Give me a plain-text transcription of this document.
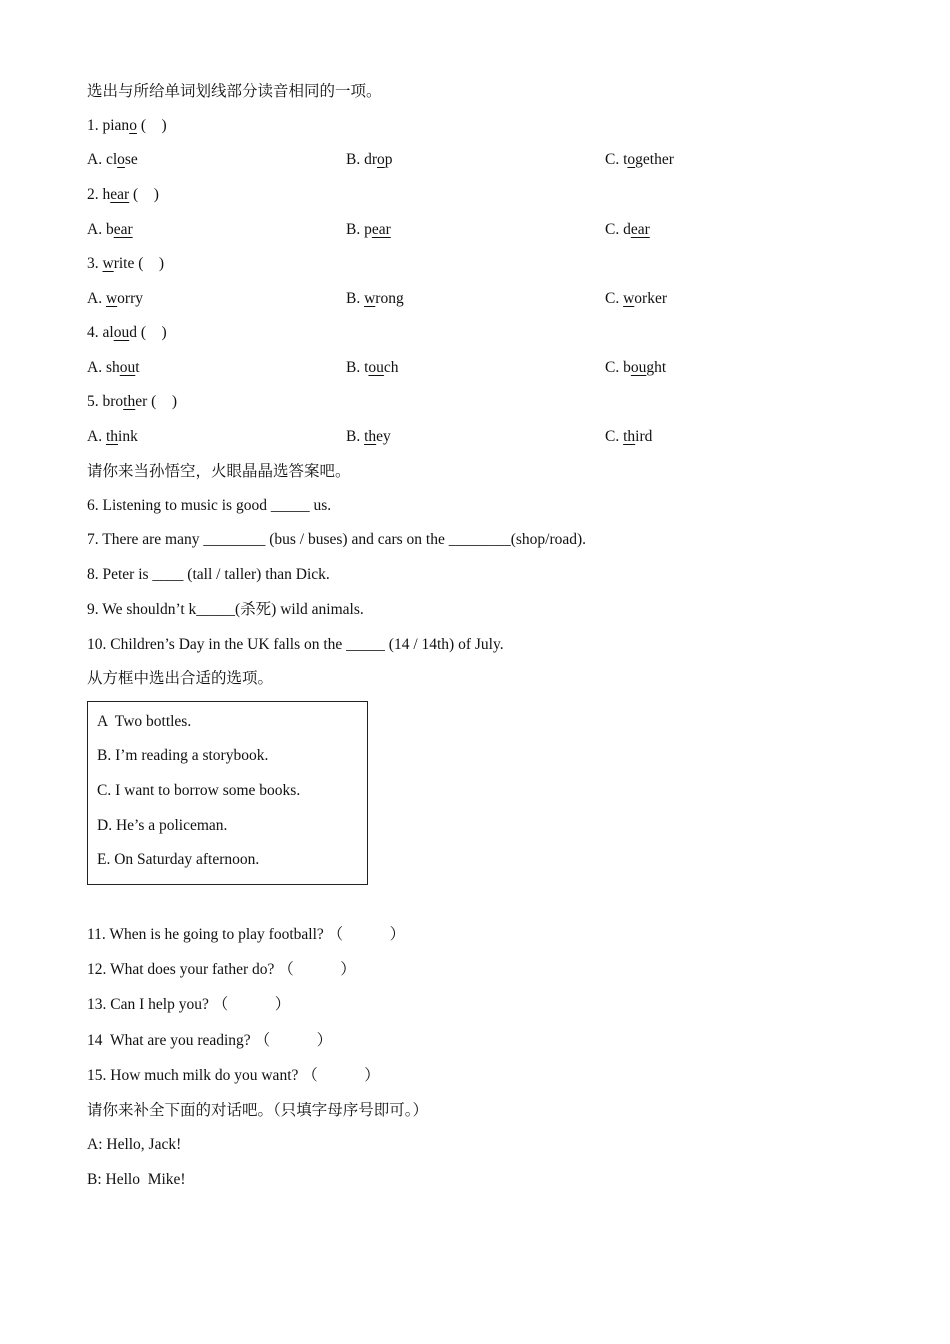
选出与所给单词划线部分读音相同的一项。
1. piano (    )
A. close	B. drop	C. together
2. hear (    )
A. bear	B. pear	C. dear
3. write (    )
A. worry	B. wrong	C. worker
4. aloud (    )
A. shout	B. touch	C. bought
5. brother (    )
A. think	B. they	C. third
请你来当孙悟空，火眼晶晶选答案吧。
6. Listening to music is good _____ us.
7. There are many ________ (bus / buses) and cars on the ________(shop/road).
8. Peter is ____ (tall / taller) than Dick.
9. We shouldn’t k_____(杀死) wild animals.
10. Children’s Day in the UK falls on the _____ (14 / 14th) of July.
从方框中选出合适的选项。
A  Two bottles.
B. I’m reading a storybook.
C. I want to borrow some books.
D. He’s a policeman.
E. On Saturday afternoon.
11. When is he going to play football? （            ）
12. What does your father do? （            ）
13. Can I help you? （            ）
14  What are you reading? （            ）
15. How much milk do you want? （            ）
请你来补全下面的对话吧。（只填字母序号即可。）
A: Hello, Jack!
B: Hello  Mike!
